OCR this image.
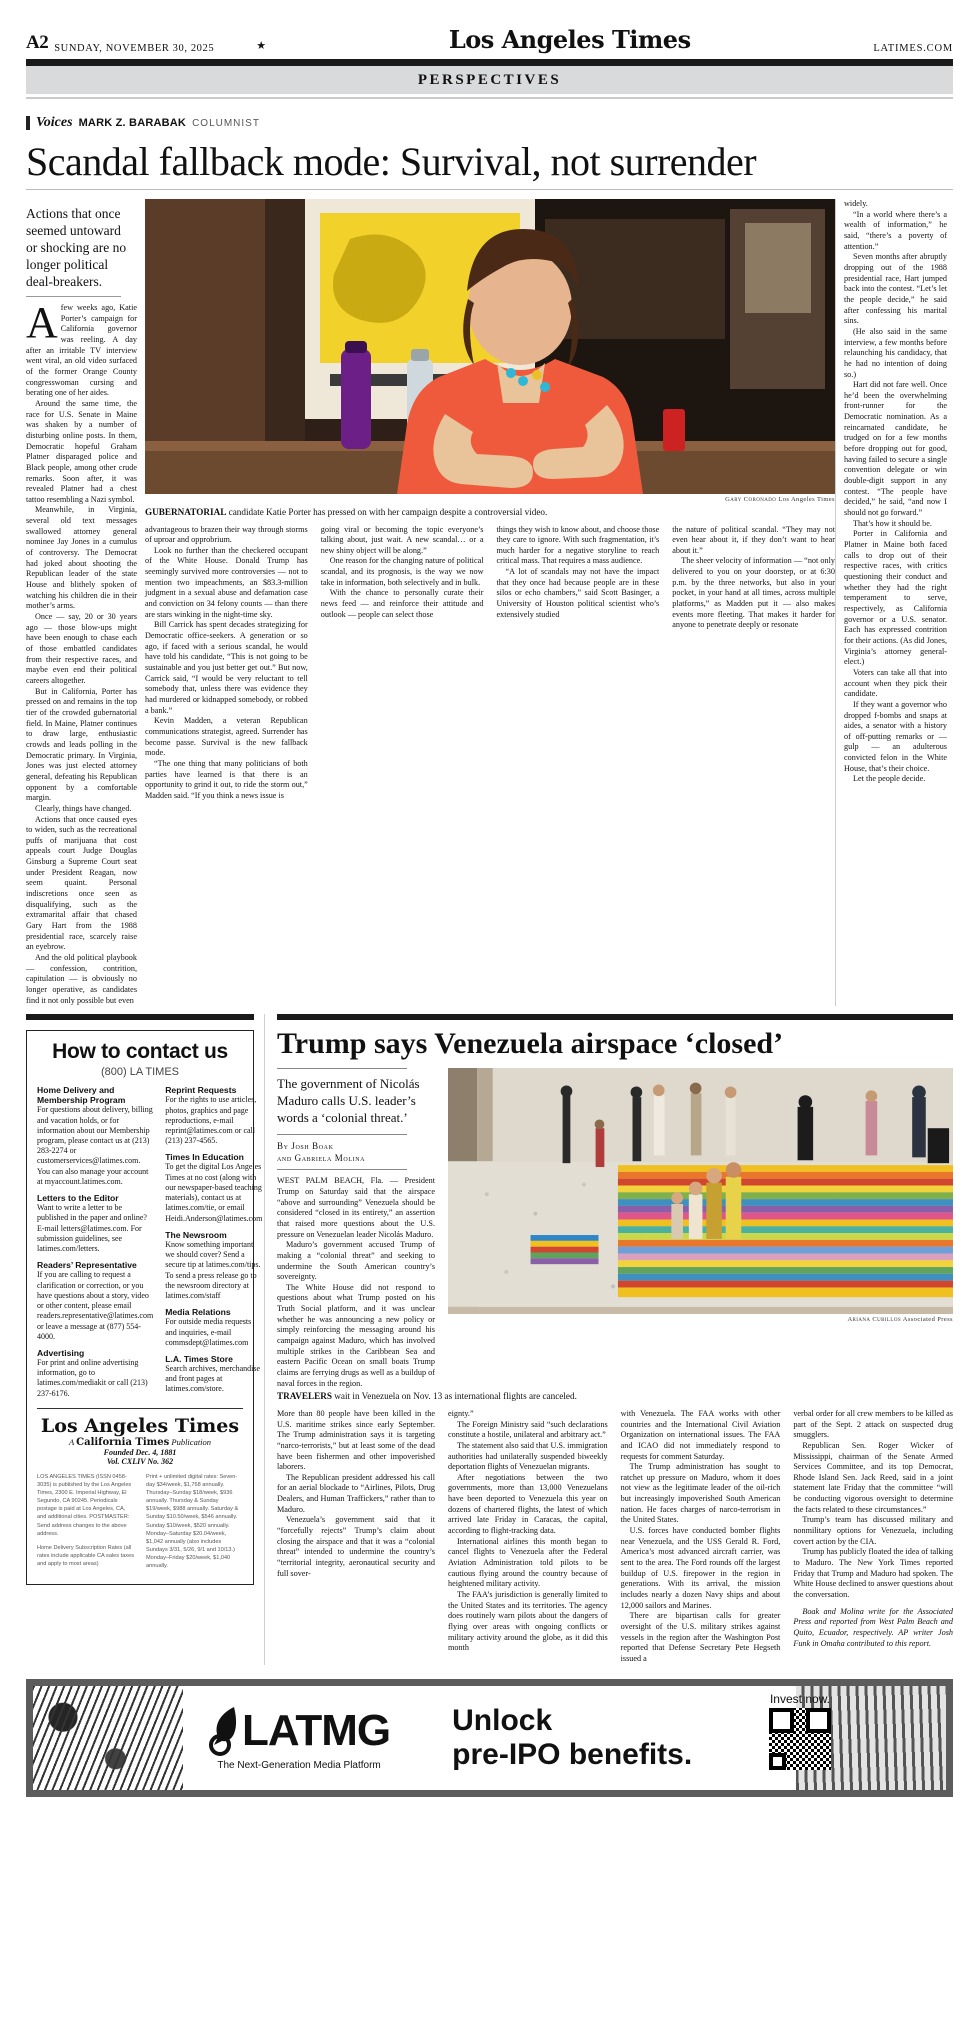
A2 SUNDAY, NOVEMBER 30, 2025	★	Los Angeles Times	LATIMES.COM
PERSPECTIVES
Voices MARK Z. BARABAK COLUMNIST
Scandal fallback mode: Survival, not surrender
Actions that once seemed untoward or shocking are no longer political deal-breakers.

Afew weeks ago, Katie Porter’s campaign for California governor was reeling. A day after an irritable TV interview went viral, an old video surfaced of the former Orange County congresswoman cursing and berating one of her aides.

Around the same time, the race for U.S. Senate in Maine was shaken by a number of disturbing online posts. In them, Democratic hopeful Graham Platner disparaged police and Black people, among other crude remarks. Soon after, it was revealed Platner had a chest tattoo resembling a Nazi symbol.

Meanwhile, in Virginia, several old text messages swallowed attorney general nominee Jay Jones in a cumulus of controversy. The Democrat had joked about shooting the Republican leader of the state House and blithely spoken of watching his children die in their mother’s arms.

Once — say, 20 or 30 years ago — those blow-ups might have been enough to chase each of those embattled candidates from their respective races, and maybe even end their political careers altogether.

But in California, Porter has pressed on and remains in the top tier of the crowded gubernatorial field. In Maine, Platner continues to draw large, enthusiastic crowds and leads polling in the Democratic primary. In Virginia, Jones was just elected attorney general, defeating his Republican opponent by a comfortable margin.

Clearly, things have changed.

Actions that once caused eyes to widen, such as the recreational puffs of marijuana that cost appeals court Judge Douglas Ginsburg a Supreme Court seat under President Reagan, now seem quaint. Personal indiscretions once seen as disqualifying, such as the extramarital affair that chased Gary Hart from the 1988 presidential race, scarcely raise an eyebrow.

And the old political playbook — confession, contrition, capitulation — is obviously no longer operative, as candidates find it not only possible but even

Gary Coronado Los Angeles Times
GUBERNATORIAL candidate Katie Porter has pressed on with her campaign despite a controversial video.

advantageous to brazen their way through storms of uproar and opprobrium.

Look no further than the checkered occupant of the White House. Donald Trump has seemingly survived more controversies — not to mention two impeachments, an $83.3-million judgment in a sexual abuse and defamation case and conviction on 34 felony counts — than there are stars winking in the night-time sky.

Bill Carrick has spent decades strategizing for Democratic office-seekers. A generation or so ago, if faced with a serious scandal, he would have told his candidate, “This is not going to be sustainable and you just better get out.” But now, Carrick said, “I would be very reluctant to tell somebody that, unless there was evidence they had murdered or kidnapped somebody, or robbed a bank.”

Kevin Madden, a veteran Republican communications strategist, agreed. Surrender has become passe. Survival is the new fallback mode.

“The one thing that many politicians of both parties have learned is that there is an opportunity to grind it out, to ride the storm out,” Madden said. “If you think a news issue is

going viral or becoming the topic everyone’s talking about, just wait. A new scandal… or a new shiny object will be along.”

One reason for the changing nature of political scandal, and its prognosis, is the way we now take in information, both selectively and in bulk.

With the chance to personally curate their news feed — and reinforce their attitude and outlook — people can select those

things they wish to know about, and choose those they care to ignore. With such fragmentation, it’s much harder for a negative storyline to reach critical mass. That requires a mass audience.

“A lot of scandals may not have the impact that they once had because people are in these silos or echo chambers,” said Scott Basinger, a University of Houston political scientist who’s extensively studied

the nature of political scandal. “They may not even hear about it, if they don’t want to hear about it.”

The sheer velocity of information — “not only delivered to you on your doorstep, or at 6:30 p.m. by the three networks, but also in your pocket, in your hand at all times, across multiple platforms,” as Madden put it — also makes events more fleeting. That makes it harder for anyone to penetrate deeply or resonate

widely.

“In a world where there’s a wealth of information,” he said, “there’s a poverty of attention.”

Seven months after abruptly dropping out of the 1988 presidential race, Hart jumped back into the contest. “Let’s let the people decide,” he said after confessing his marital sins.

(He also said in the same interview, a few months before relaunching his candidacy, that he had no intention of doing so.)

Hart did not fare well. Once he’d been the overwhelming front-runner for the Democratic nomination. As a reincarnated candidate, he trudged on for a few months before dropping out for good, having failed to secure a single convention delegate or win double-digit support in any contest. “The people have decided,” he said, “and now I should not go forward.”

That’s how it should be.

Porter in California and Platner in Maine both faced calls to drop out of their respective races, with critics questioning their conduct and whether they had the right temperament to serve, respectively, as California governor or a U.S. senator. Each has expressed contrition for their actions. (As did Jones, Virginia’s attorney general-elect.)

Voters can take all that into account when they pick their candidate.

If they want a governor who dropped f-bombs and snaps at aides, a senator with a history of off-putting remarks or — gulp — an adulterous convicted felon in the White House, that’s their choice.

Let the people decide.

How to contact us
(800) LA TIMES
Home Delivery and Membership Program
For questions about delivery, billing and vacation holds, or for information about our Membership program, please contact us at (213) 283-2274 or customerservices@latimes.com. You can also manage your account at myaccount.latimes.com.
Letters to the Editor
Want to write a letter to be published in the paper and online? E-mail letters@latimes.com. For submission guidelines, see latimes.com/letters.
Readers’ Representative
If you are calling to request a clarification or correction, or you have questions about a story, video or other content, please email readers.representative@latimes.com or leave a message at (877) 554-4000.
Advertising
For print and online advertising information, go to latimes.com/mediakit or call (213) 237-6176.
Reprint Requests
For the rights to use articles, photos, graphics and page reproductions, e-mail reprint@latimes.com or call (213) 237-4565.
Times In Education
To get the digital Los Angeles Times at no cost (along with our newspaper-based teaching materials), contact us at latimes.com/tie, or email Heidi.Anderson@latimes.com
The Newsroom
Know something important we should cover? Send a secure tip at latimes.com/tips. To send a press release go to the newsroom directory at latimes.com/staff
Media Relations
For outside media requests and inquiries, e-mail commsdept@latimes.com
L.A. Times Store
Search archives, merchandise and front pages at latimes.com/store.
Los Angeles Times
A California Times Publication
Founded Dec. 4, 1881
Vol. CXLIV No. 362

LOS ANGELES TIMES (ISSN 0458-3035) is published by the Los Angeles Times, 2300 E. Imperial Highway, El Segundo, CA 90245. Periodicals postage is paid at Los Angeles, CA, and additional cities. POSTMASTER: Send address changes to the above address.

Home Delivery Subscription Rates (all rates include applicable CA sales taxes and apply to most areas)

Print + unlimited digital rates: Seven-day $34/week, $1,768 annually. Thursday–Sunday $18/week, $936 annually. Thursday & Sunday $19/week, $988 annually. Saturday & Sunday $10.50/week, $546 annually. Sunday $10/week, $520 annually. Monday–Saturday $20.04/week, $1,042 annually (also includes Sundays 3/31, 5/26, 9/1 and 10/13.) Monday–Friday $20/week, $1,040 annually.

Trump says Venezuela airspace ‘closed’
The government of Nicolás Maduro calls U.S. leader’s words a ‘colonial threat.’
By Josh Boak
and Gabriela Molina

WEST PALM BEACH, Fla. — President Trump on Saturday said that the airspace “above and surrounding” Venezuela should be considered “closed in its entirety,” an assertion that raised more questions about the U.S. pressure on Venezuelan leader Nicolás Maduro.

Maduro’s government accused Trump of making a “colonial threat” and seeking to undermine the South American country’s sovereignty.

The White House did not respond to questions about what Trump posted on his Truth Social platform, and it was unclear whether he was announcing a new policy or simply reinforcing the messaging around his campaign against Maduro, which has involved multiple strikes in the Caribbean Sea and eastern Pacific Ocean on small boats Trump claims are ferrying drugs as well as a buildup of naval forces in the region.

Ariana Cubillos Associated Press
TRAVELERS wait in Venezuela on Nov. 13 as international flights are canceled.

More than 80 people have been killed in the U.S. maritime strikes since early September. The Trump administration says it is targeting “narco-terrorists,” but at least some of the dead have been fishermen and other impoverished laborers.

The Republican president addressed his call for an aerial blockade to “Airlines, Pilots, Drug Dealers, and Human Traffickers,” rather than to Maduro.

Venezuela’s government said that it “forcefully rejects” Trump’s claim about closing the airspace and that it was a “colonial threat” intended to undermine the country’s “territorial integrity, aeronautical security and full sover-

eignty.”

The Foreign Ministry said “such declarations constitute a hostile, unilateral and arbitrary act.”

The statement also said that U.S. immigration authorities had unilaterally suspended biweekly deportation flights of Venezuelan migrants.

After negotiations between the two governments, more than 13,000 Venezuelans have been deported to Venezuela this year on dozens of chartered flights, the latest of which arrived late Friday in Caracas, the capital, according to flight-tracking data.

International airlines this month began to cancel flights to Venezuela after the Federal Aviation Administration told pilots to be cautious flying around the country because of heightened military activity.

The FAA’s jurisdiction is generally limited to the United States and its territories. The agency does routinely warn pilots about the dangers of flying over areas with ongoing conflicts or military activity around the globe, as it did this month

with Venezuela. The FAA works with other countries and the International Civil Aviation Organization on international issues. The FAA and ICAO did not immediately respond to requests for comment Saturday.

The Trump administration has sought to ratchet up pressure on Maduro, whom it does not view as the legitimate leader of the oil-rich but increasingly impoverished South American nation. He faces charges of narco-terrorism in the United States.

U.S. forces have conducted bomber flights near Venezuela, and the USS Gerald R. Ford, America’s most advanced aircraft carrier, was sent to the area. The Ford rounds off the largest buildup of U.S. firepower in the region in generations. With its arrival, the mission includes nearly a dozen Navy ships and about 12,000 sailors and Marines.

There are bipartisan calls for greater oversight of the U.S. military strikes against vessels in the region after the Washington Post reported that Defense Secretary Pete Hegseth issued a

verbal order for all crew members to be killed as part of the Sept. 2 attack on suspected drug smugglers.

Republican Sen. Roger Wicker of Mississippi, chairman of the Senate Armed Services Committee, and its top Democrat, Rhode Island Sen. Jack Reed, said in a joint statement late Friday that the committee “will be conducting vigorous oversight to determine the facts related to these circumstances.”

Trump’s team has discussed military and nonmilitary options for Venezuela, including covert action by the CIA.

Trump has publicly floated the idea of talking to Maduro. The New York Times reported Friday that Trump and Maduro had spoken. The White House declined to answer questions about the conversation.

Boak and Molina write for the Associated Press and reported from West Palm Beach and Quito, Ecuador, respectively. AP writer Josh Funk in Omaha contributed to this report.

LATMG
The Next-Generation Media Platform
Unlock
pre-IPO benefits.
Invest now.
